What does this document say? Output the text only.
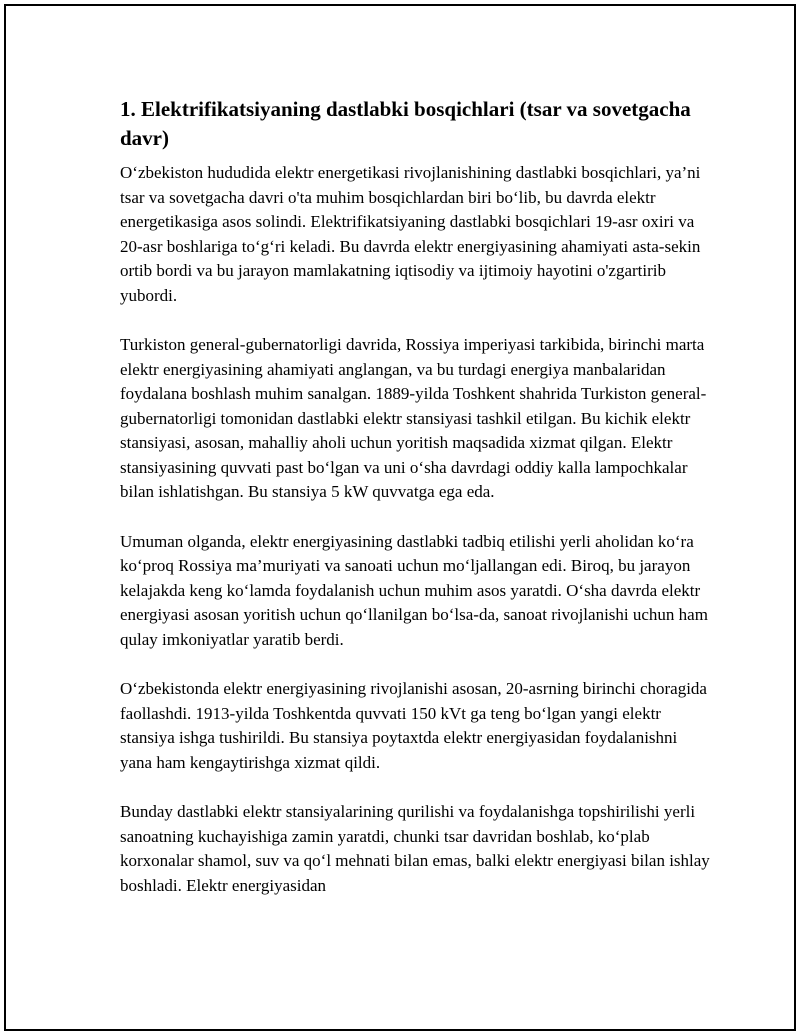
1. Elektrifikatsiyaning dastlabki bosqichlari (tsar va sovetgacha davr)

O‘zbekiston hududida elektr energetikasi rivojlanishining dastlabki bosqichlari, ya’ni tsar va sovetgacha davri o'ta muhim bosqichlardan biri bo‘lib, bu davrda elektr energetikasiga asos solindi. Elektrifikatsiyaning dastlabki bosqichlari 19-asr oxiri va 20-asr boshlariga to‘g‘ri keladi. Bu davrda elektr energiyasining ahamiyati asta-sekin ortib bordi va bu jarayon mamlakatning iqtisodiy va ijtimoiy hayotini o'zgartirib yubordi.

Turkiston general-gubernatorligi davrida, Rossiya imperiyasi tarkibida, birinchi marta elektr energiyasining ahamiyati anglangan, va bu turdagi energiya manbalaridan foydalana boshlash muhim sanalgan. 1889-yilda Toshkent shahrida Turkiston general-gubernatorligi tomonidan dastlabki elektr stansiyasi tashkil etilgan. Bu kichik elektr stansiyasi, asosan, mahalliy aholi uchun yoritish maqsadida xizmat qilgan. Elektr stansiyasining quvvati past bo‘lgan va uni o‘sha davrdagi oddiy kalla lampochkalar bilan ishlatishgan. Bu stansiya 5 kW quvvatga ega eda.

Umuman olganda, elektr energiyasining dastlabki tadbiq etilishi yerli aholidan ko‘ra ko‘proq Rossiya ma’muriyati va sanoati uchun mo‘ljallangan edi. Biroq, bu jarayon kelajakda keng ko‘lamda foydalanish uchun muhim asos yaratdi. O‘sha davrda elektr energiyasi asosan yoritish uchun qo‘llanilgan bo‘lsa-da, sanoat rivojlanishi uchun ham qulay imkoniyatlar yaratib berdi.

O‘zbekistonda elektr energiyasining rivojlanishi asosan, 20-asrning birinchi choragida faollashdi. 1913-yilda Toshkentda quvvati 150 kVt ga teng bo‘lgan yangi elektr stansiya ishga tushirildi. Bu stansiya poytaxtda elektr energiyasidan foydalanishni yana ham kengaytirishga xizmat qildi.

Bunday dastlabki elektr stansiyalarining qurilishi va foydalanishga topshirilishi yerli sanoatning kuchayishiga zamin yaratdi, chunki tsar davridan boshlab, ko‘plab korxonalar shamol, suv va qo‘l mehnati bilan emas, balki elektr energiyasi bilan ishlay boshladi. Elektr energiyasidan
